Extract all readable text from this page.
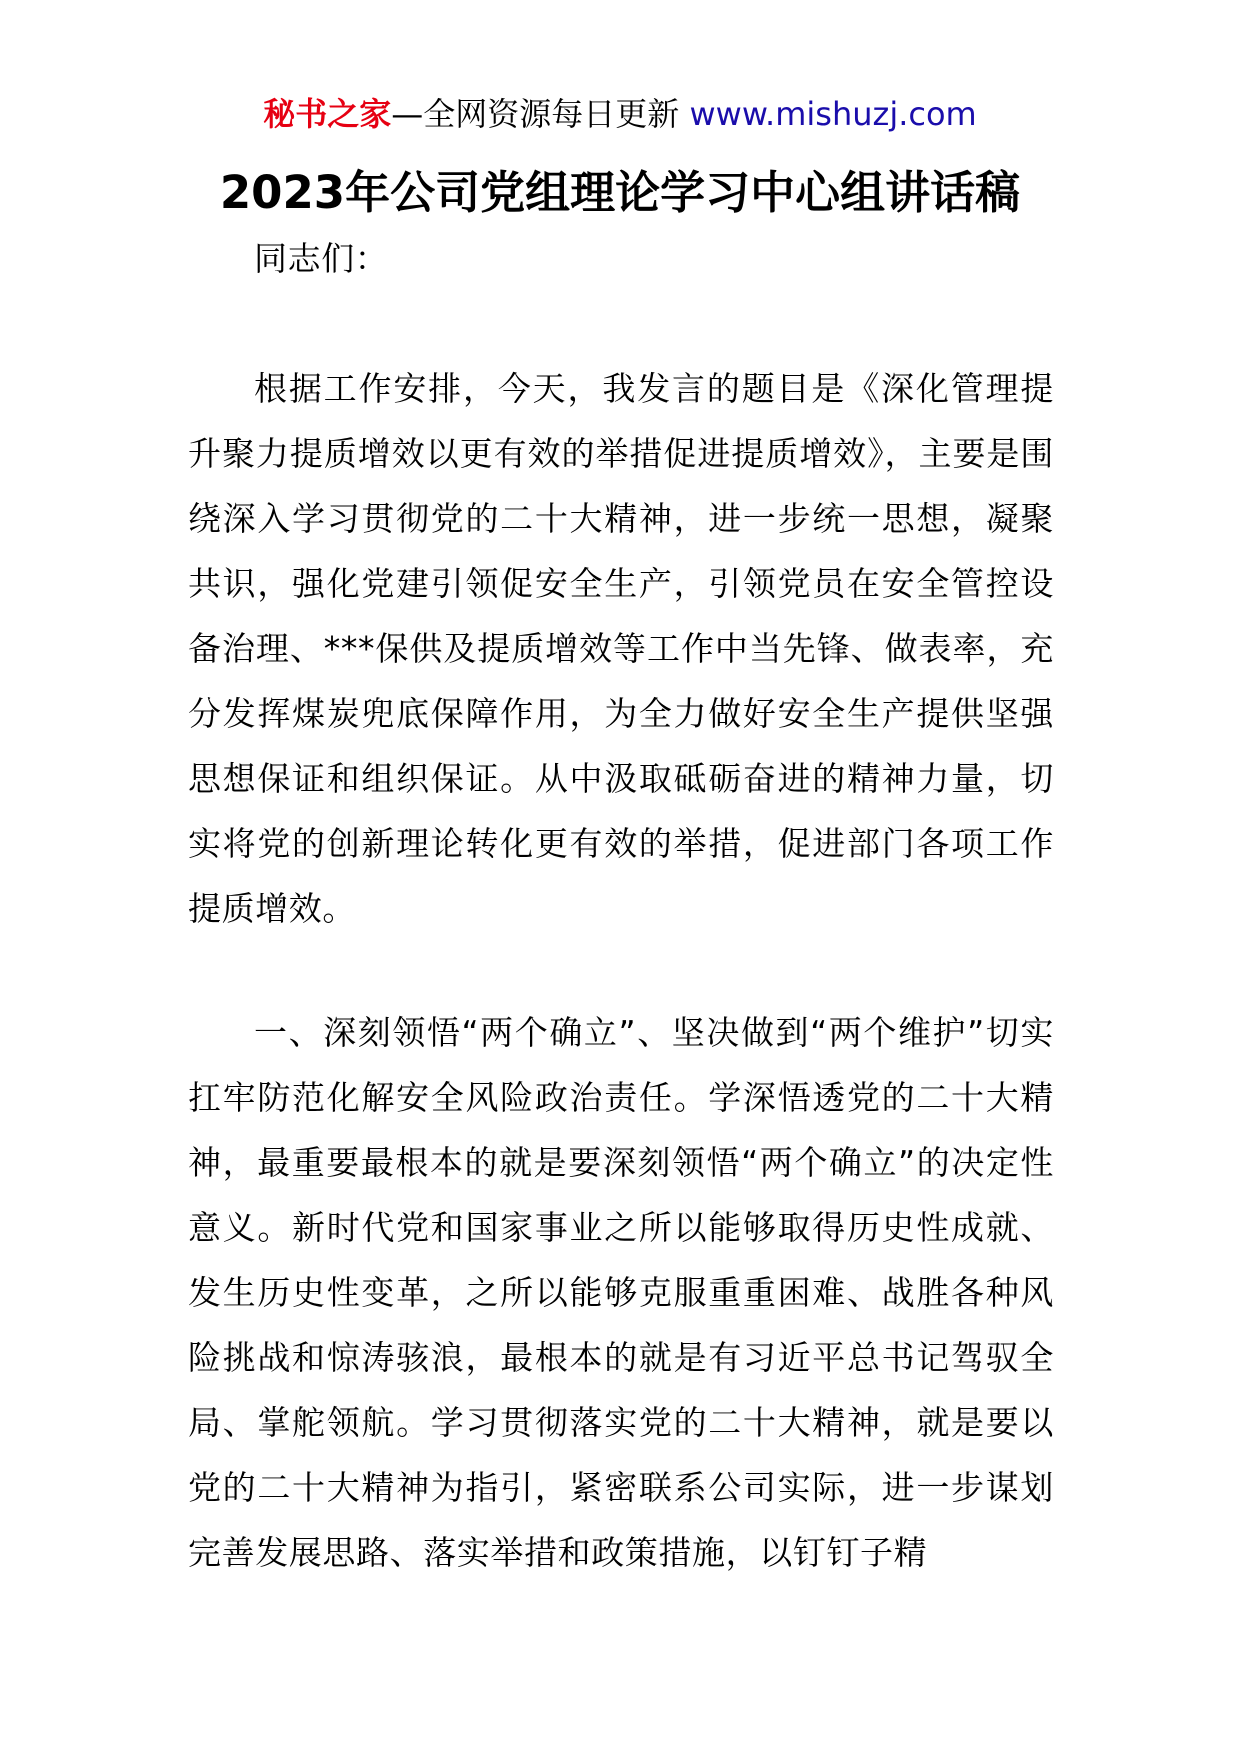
秘书之家—全网资源每日更新 www.mishuzj.com
2023年公司党组理论学习中心组讲话稿

同志们：

根据工作安排，今天，我发言的题目是《深化管理提升聚力提质增效以更有效的举措促进提质增效》，主要是围绕深入学习贯彻党的二十大精神，进一步统一思想，凝聚共识，强化党建引领促安全生产，引领党员在安全管控设备治理、***保供及提质增效等工作中当先锋、做表率，充分发挥煤炭兜底保障作用，为全力做好安全生产提供坚强思想保证和组织保证。从中汲取砥砺奋进的精神力量，切实将党的创新理论转化更有效的举措，促进部门各项工作提质增效。

一、深刻领悟“两个确立”、坚决做到“两个维护”切实扛牢防范化解安全风险政治责任。学深悟透党的二十大精神，最重要最根本的就是要深刻领悟“两个确立”的决定性意义。新时代党和国家事业之所以能够取得历史性成就、发生历史性变革，之所以能够克服重重困难、战胜各种风险挑战和惊涛骇浪，最根本的就是有习近平总书记驾驭全局、掌舵领航。学习贯彻落实党的二十大精神，就是要以党的二十大精神为指引，紧密联系公司实际，进一步谋划完善发展思路、落实举措和政策措施，以钉钉子精
